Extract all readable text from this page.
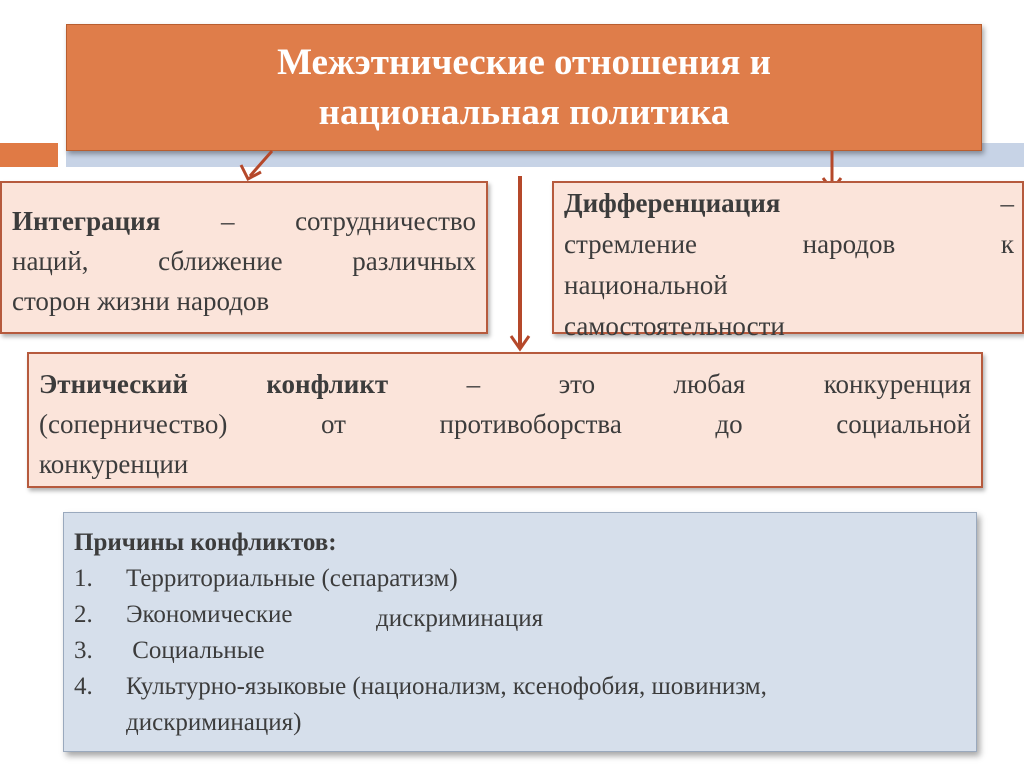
Межэтнические отношения и
национальная политика
Интеграция – сотрудничество
наций, сближение различных
сторон жизни народов
Дифференциация	–
стремление народов к
национальной
самостоятельности
Этнический конфликт – это любая конкуренция
(соперничество) от противоборства до социальной
конкуренции
Причины конфликтов:
1.	Территориальные (сепаратизм)
2.	Экономические
3.	Социальные
4.	Культурно-языковые (национализм, ксенофобия, шовинизм,
дискриминация)
дискриминация
